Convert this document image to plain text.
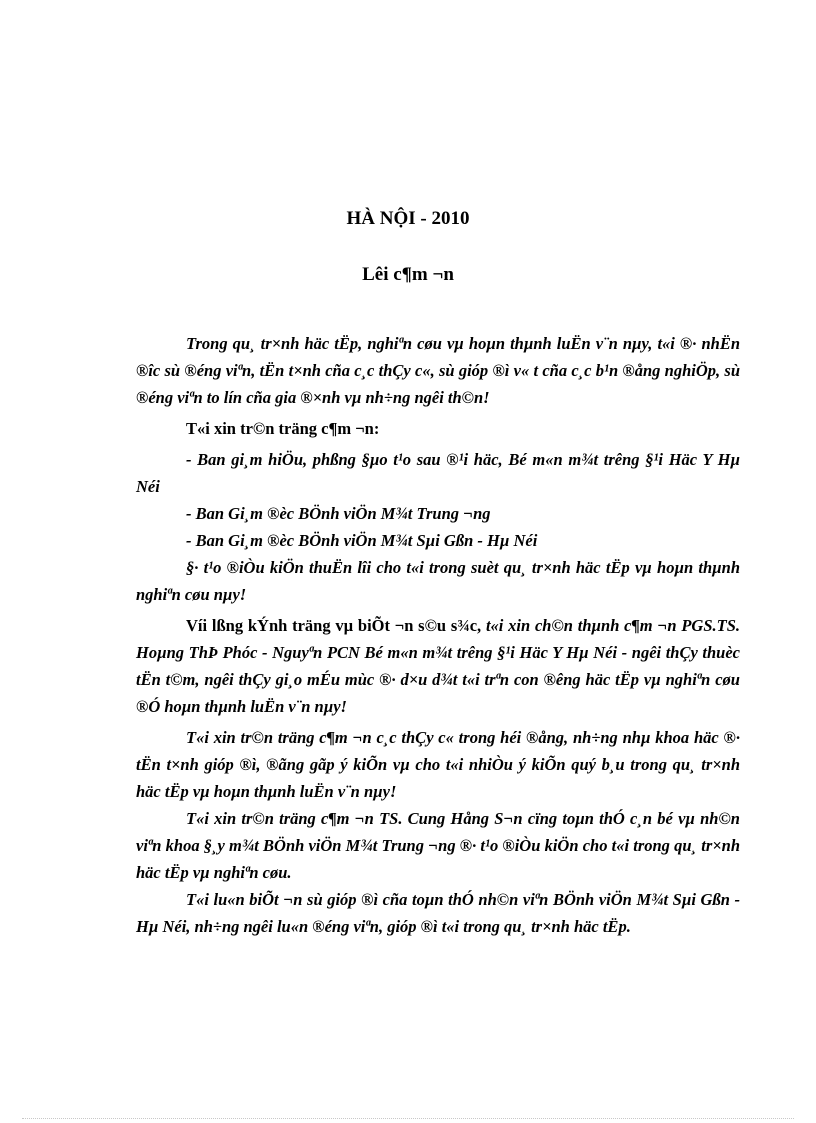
HÀ NỘI - 2010
Lêi c¶m ¬n

Trong qu¸ tr×nh häc tËp, nghiªn cøu vµ hoµn thµnh luËn v¨n nµy, t«i ®· nhËn ®îc sù ®éng viªn, tËn t×nh cña c¸c thÇy c«, sù gióp ®ì v« t cña c¸c b¹n ®ång nghiÖp, sù ®éng viªn to lín cña gia ®×nh vµ nh÷ng ngêi th©n!

T«i xin tr©n träng c¶m ¬n:

- Ban gi¸m hiÖu, phßng §µo t¹o sau ®¹i häc, Bé m«n m¾t trêng §¹i Häc Y Hµ Néi

- Ban Gi¸m ®èc BÖnh viÖn M¾t Trung ¬ng

- Ban Gi¸m ®èc BÖnh viÖn M¾t Sµi Gßn - Hµ Néi

§· t¹o ®iÒu kiÖn thuËn lîi cho t«i trong suèt qu¸ tr×nh häc tËp vµ hoµn thµnh nghiªn cøu nµy!

Víi lßng kÝnh träng vµ biÕt ¬n s©u s¾c, t«i xin ch©n thµnh c¶m ¬n PGS.TS. Hoµng ThÞ Phóc - Nguyªn PCN Bé m«n m¾t trêng §¹i Häc Y Hµ Néi - ngêi thÇy thuèc tËn t©m, ngêi thÇy gi¸o mÉu mùc ®· d×u d¾t t«i trªn con ®êng häc tËp vµ nghiªn cøu ®Ó hoµn thµnh luËn v¨n nµy!

T«i xin tr©n träng c¶m ¬n c¸c thÇy c« trong héi ®ång, nh÷ng nhµ khoa häc ®· tËn t×nh gióp ®ì, ®ãng gãp ý kiÕn vµ cho t«i nhiÒu ý kiÕn quý b¸u trong qu¸ tr×nh häc tËp vµ hoµn thµnh luËn v¨n nµy!

T«i xin tr©n träng c¶m ¬n TS. Cung Hång S¬n cïng toµn thÓ c¸n bé vµ nh©n viªn khoa §¸y m¾t BÖnh viÖn M¾t Trung ¬ng ®· t¹o ®iÒu kiÖn cho t«i trong qu¸ tr×nh häc tËp vµ nghiªn cøu.

T«i lu«n biÕt ¬n sù gióp ®ì cña toµn thÓ nh©n viªn BÖnh viÖn M¾t Sµi Gßn - Hµ Néi, nh÷ng ngêi lu«n ®éng viªn, gióp ®ì t«i trong qu¸ tr×nh häc tËp.
